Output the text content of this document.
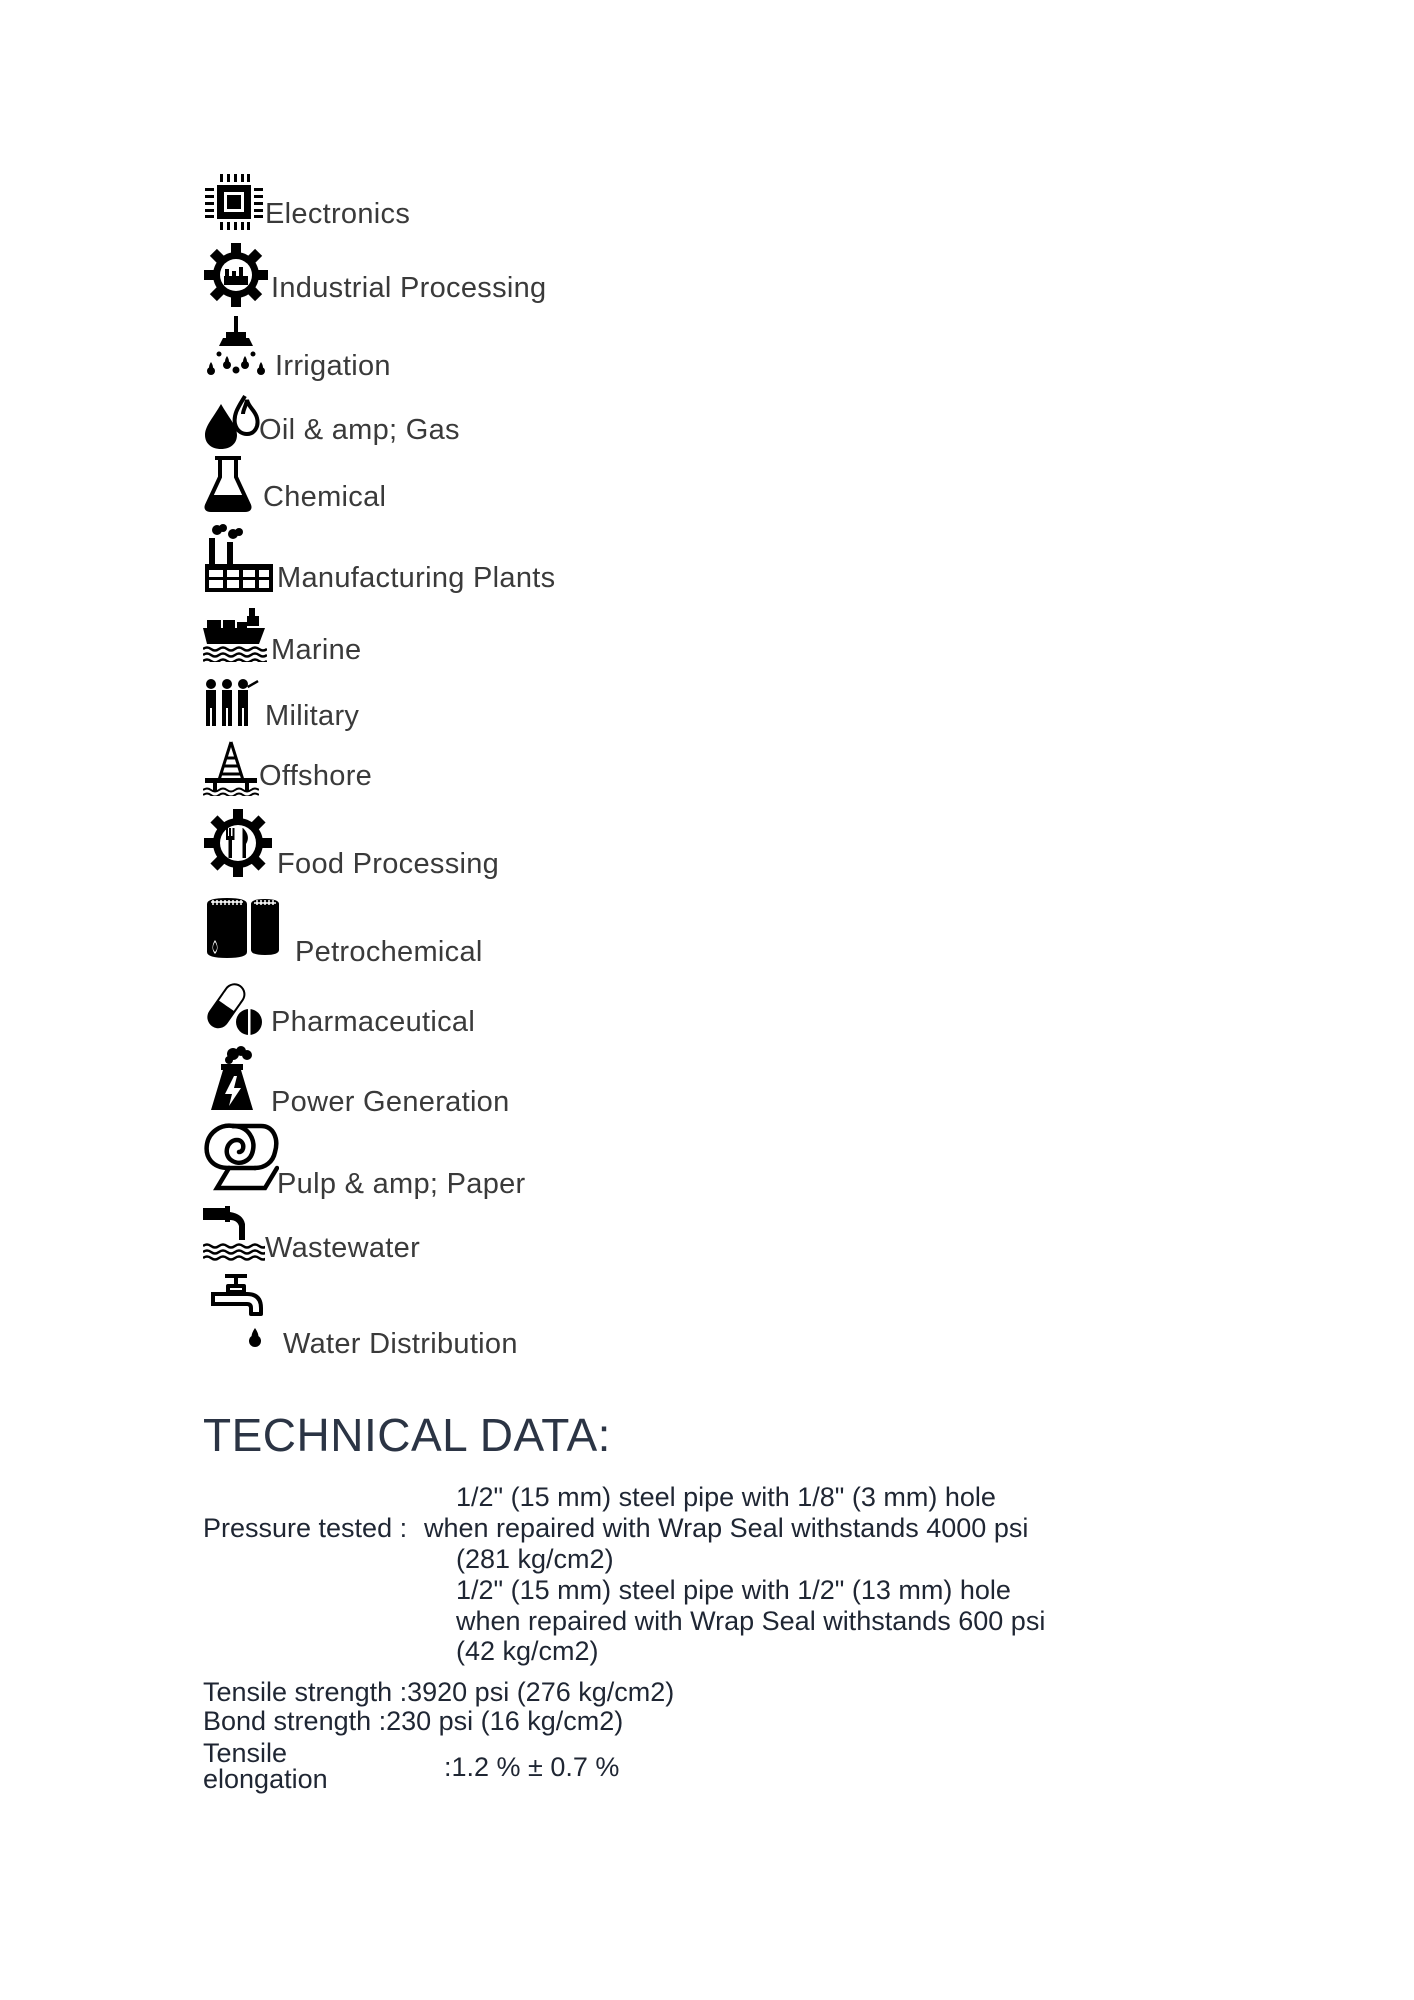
Electronics
Industrial Processing
Irrigation
Oil & amp; Gas
Chemical
Manufacturing Plants
Marine
Military
Offshore
Food Processing
Petrochemical
Pharmaceutical
Power Generation
Pulp & amp; Paper
Wastewater
Water Distribution
TECHNICAL DATA:
1/2" (15 mm) steel pipe with 1/8" (3 mm) hole
Pressure tested : when repaired with Wrap Seal withstands 4000 psi
(281 kg/cm2)
1/2" (15 mm) steel pipe with 1/2" (13 mm) hole
when repaired with Wrap Seal withstands 600 psi
(42 kg/cm2)
Tensile strength :3920 psi (276 kg/cm2)
Bond strength :230 psi (16 kg/cm2)
Tensile
elongation	:1.2 % ± 0.7 %
